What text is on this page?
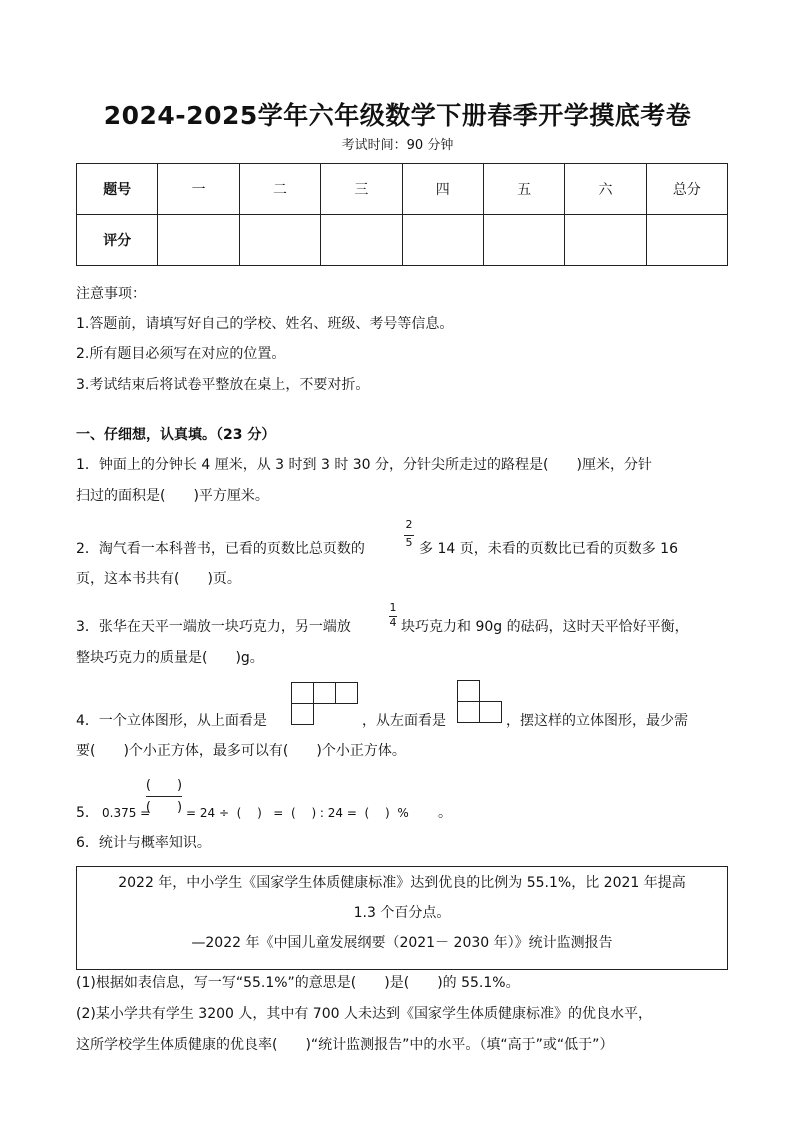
2024-2025学年六年级数学下册春季开学摸底考卷
考试时间：90 分钟
题号	一	二	三	四	五	六	总分
评分							
注意事项：
1.答题前，请填写好自己的学校、姓名、班级、考号等信息。
2.所有题目必须写在对应的位置。
3.考试结束后将试卷平整放在桌上，不要对折。
一、仔细想，认真填。（23 分）
1．钟面上的分钟长 4 厘米，从 3 时到 3 时 30 分，分针尖所走过的路程是(　　)厘米，分针
扫过的面积是(　　)平方厘米。
2．淘气看一本科普书，已看的页数比总页数的
2
5 多 14 页，未看的页数比已看的页数多 16
页，这本书共有(　　)页。
3．张华在天平一端放一块巧克力，另一端放
1
4 块巧克力和 90g 的砝码，这时天平恰好平衡，
整块巧克力的质量是(　　)g。
4．一个立体图形，从上面看是	，从左面看是	，摆这样的立体图形，最少需
要(　　)个小正方体，最多可以有(　　)个小正方体。
5． 0.375 =
(　　)
(　　) = 24 ÷  (　 )   =  (　 ) : 24 =  (　 )  % 。
6．统计与概率知识。
2022 年，中小学生《国家学生体质健康标准》达到优良的比例为 55.1%，比 2021 年提高
1.3 个百分点。
—2022 年《中国儿童发展纲要（2021－ 2030 年）》统计监测报告
(1)根据如表信息，写一写“55.1%”的意思是(　　)是(　　)的 55.1%。
(2)某小学共有学生 3200 人，其中有 700 人未达到《国家学生体质健康标准》的优良水平，
这所学校学生体质健康的优良率(　　)“统计监测报告”中的水平。（填“高于”或“低于”）
